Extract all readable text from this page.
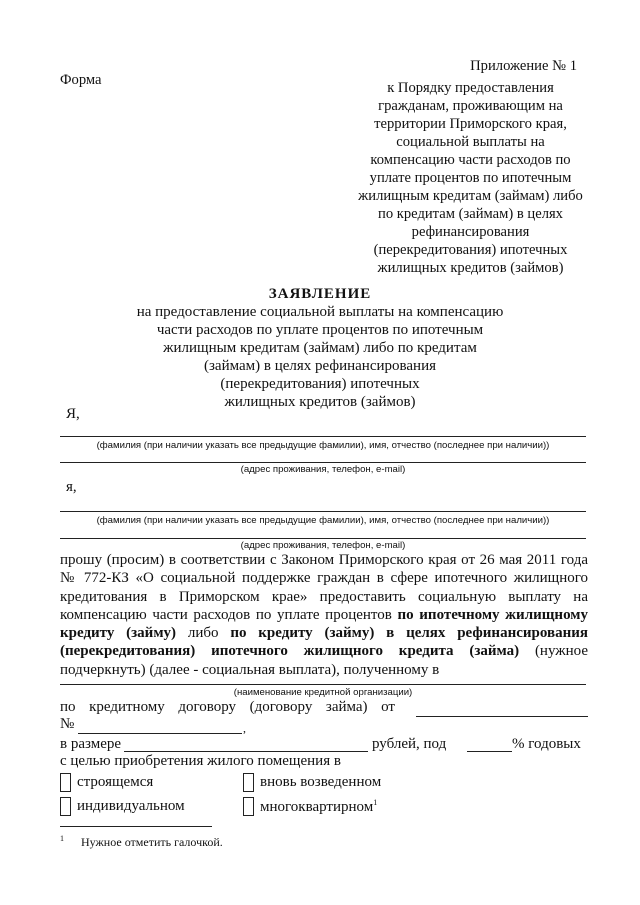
Приложение № 1
к Порядку предоставления
гражданам, проживающим на
территории Приморского края,
социальной выплаты на
компенсацию части расходов по
уплате процентов по ипотечным
жилищным кредитам (займам) либо
по кредитам (займам) в целях
рефинансирования
(перекредитования) ипотечных
жилищных кредитов (займов)
Форма
ЗАЯВЛЕНИЕ
на предоставление социальной выплаты на компенсацию
части расходов по уплате процентов по ипотечным
жилищным кредитам (займам) либо по кредитам
(займам) в целях рефинансирования
(перекредитования) ипотечных
жилищных кредитов (займов)
Я,
(фамилия (при наличии указать все предыдущие фамилии), имя, отчество (последнее при наличии))
(адрес проживания, телефон, e-mail)
я,
(фамилия (при наличии указать все предыдущие фамилии), имя, отчество (последнее при наличии))
(адрес проживания, телефон, e-mail)
прошу (просим) в соответствии с Законом Приморского края от 26 мая 2011 года № 772-КЗ «О социальной поддержке граждан в сфере ипотечного жилищного кредитования в Приморском крае» предоставить социальную выплату на компенсацию части расходов по уплате процентов по ипотечному жилищному кредиту (займу) либо по кредиту (займу) в целях рефинансирования (перекредитования) ипотечного жилищного кредита (займа) (нужное подчеркнуть) (далее - социальная выплата), полученному в
(наименование кредитной организации)
по кредитному договору (договору займа) от
№	,
в размере	рублей, под	% годовых
с целью приобретения жилого помещения в
строящемся	вновь возведенном
индивидуальном	многоквартирном$^1$
$^1$ Нужное отметить галочкой.
